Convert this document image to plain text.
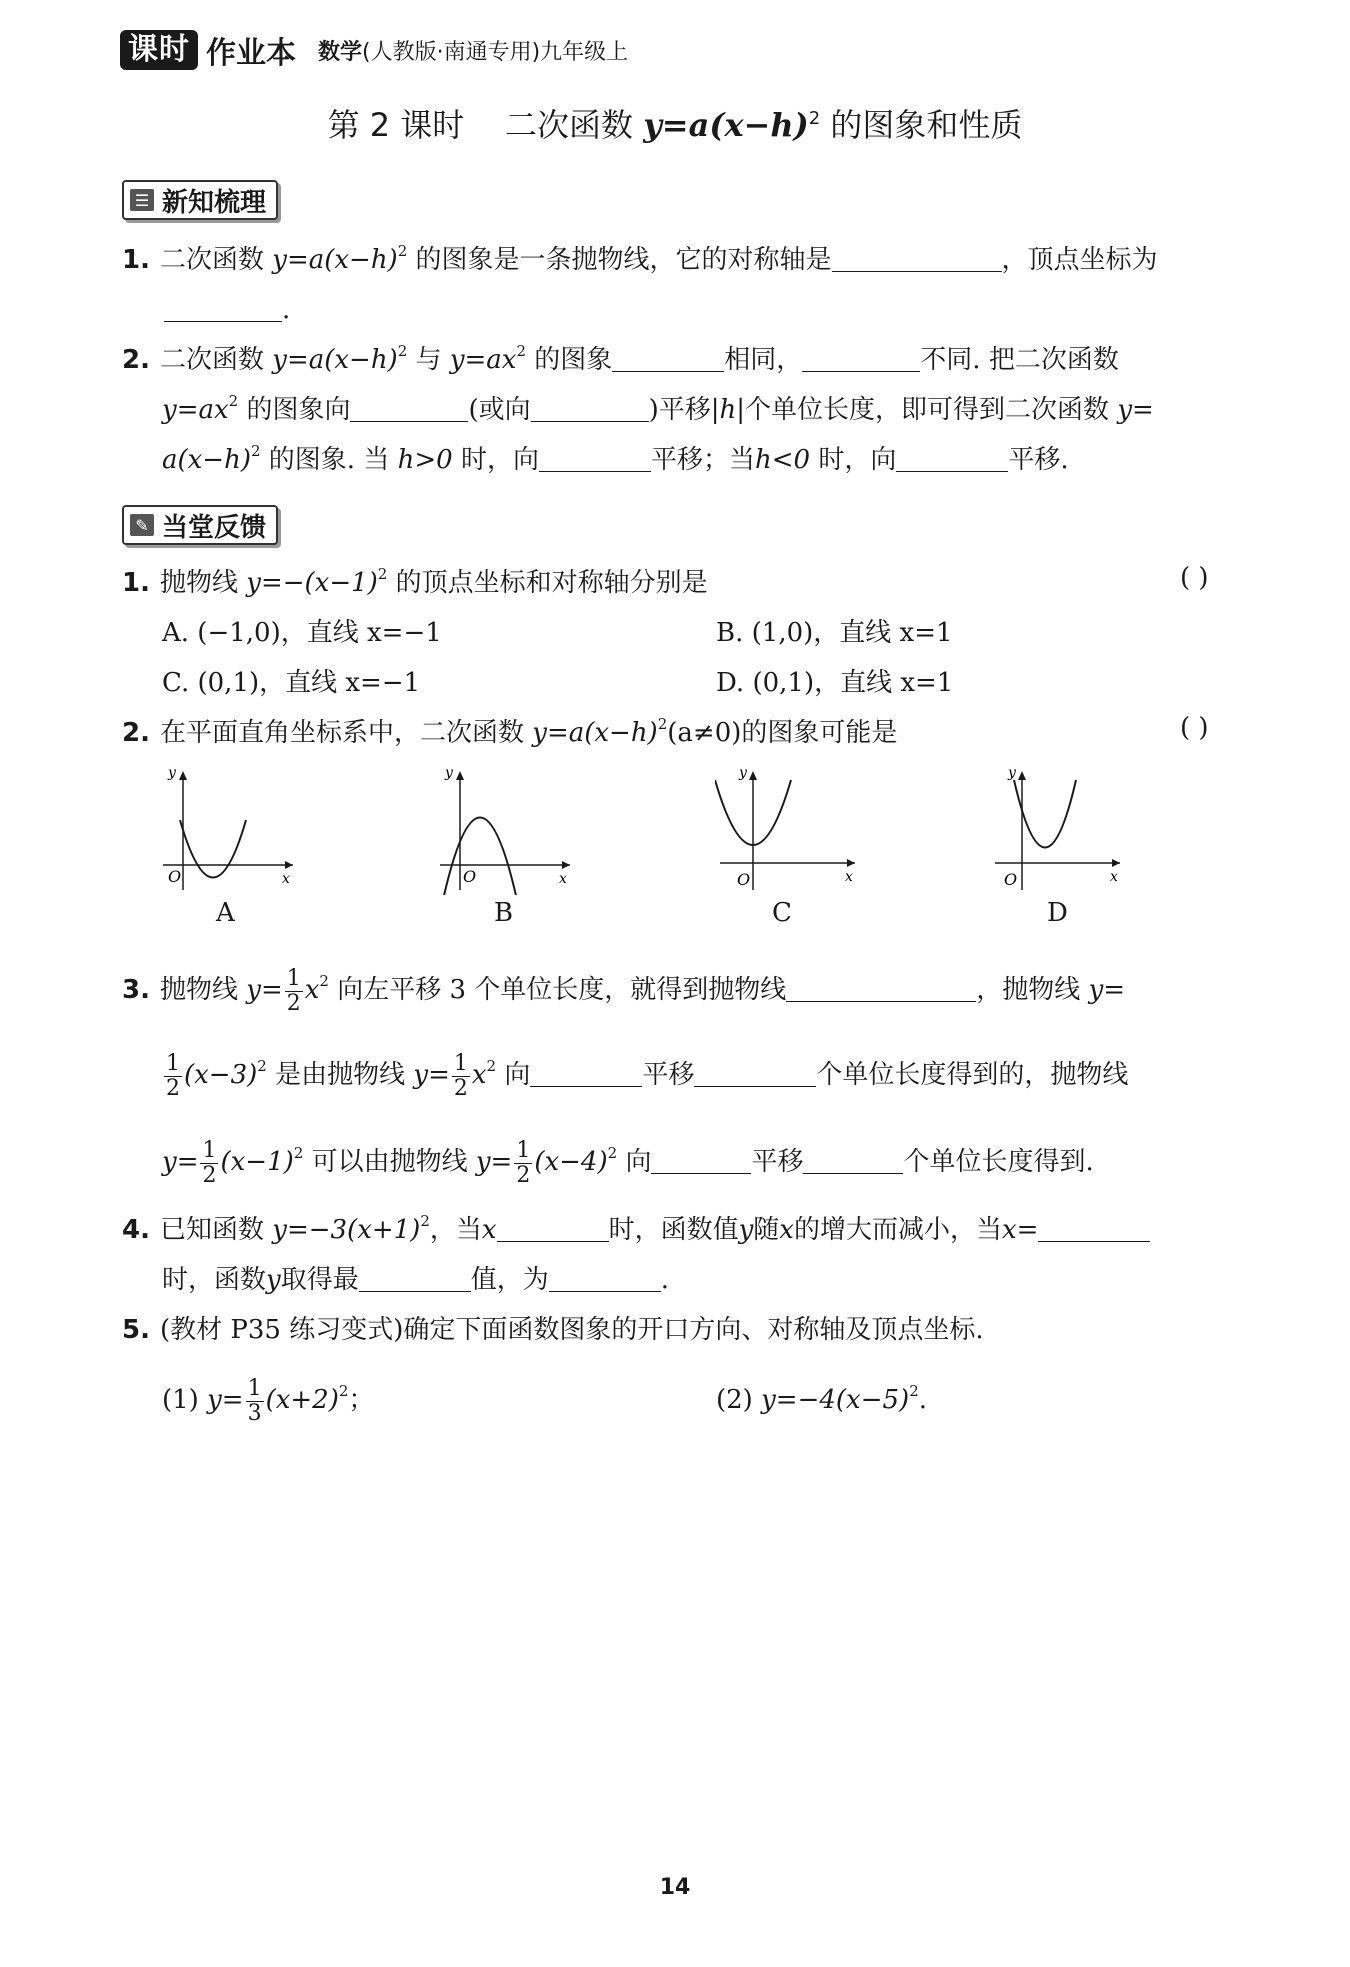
课时 作业本 数学(人教版·南通专用)九年级上
第 2 课时 二次函数 $y=a(x-h)^2$ 的图象和性质
☰ 新知梳理
1. 二次函数 $y=a(x-h)^2$ 的图象是一条抛物线，它的对称轴是	，顶点坐标为
.
2. 二次函数 $y=a(x-h)^2$ 与 $y=ax^2$ 的图象	相同，	不同. 把二次函数
$y=ax^2$ 的图象向	(或向	)平移|h|个单位长度，即可得到二次函数 y=
$a(x-h)^2$ 的图象. 当 h>0 时，向	平移；当h<0 时，向	平移.
✎ 当堂反馈
1. 抛物线 $y=-(x-1)^2$ 的顶点坐标和对称轴分别是	( )
A. (−1,0)，直线 x=−1	B. (1,0)，直线 x=1
C. (0,1)，直线 x=−1	D. (0,1)，直线 x=1
2. 在平面直角坐标系中，二次函数 $y=a(x-h)^2(a\ne 0)$的图象可能是	( )
y
x
O
A
y
x
O
B
y
x
O
C
y
x
O
D
3. 抛物线 $y= \frac{1}{2} x^2$ 向左平移 3 个单位长度，就得到抛物线	，抛物线 y=
$\frac{1}{2} (x-3)^2$ 是由抛物线 $y= \frac{1}{2} x^2$ 向	平移	个单位长度得到的，抛物线
$y= \frac{1}{2} (x-1)^2$ 可以由抛物线 $y= \frac{1}{2} (x-4)^2$ 向	平移	个单位长度得到.
4. 已知函数 $y=-3(x+1)^2$，当x	时，函数值y随x的增大而减小，当x=
时，函数y取得最	值，为	.
5. (教材 P35 练习变式)确定下面函数图象的开口方向、对称轴及顶点坐标.
(1) $y= \frac{1}{3} (x+2)^2$；	(2) $y=-4(x-5)^2$.
14
